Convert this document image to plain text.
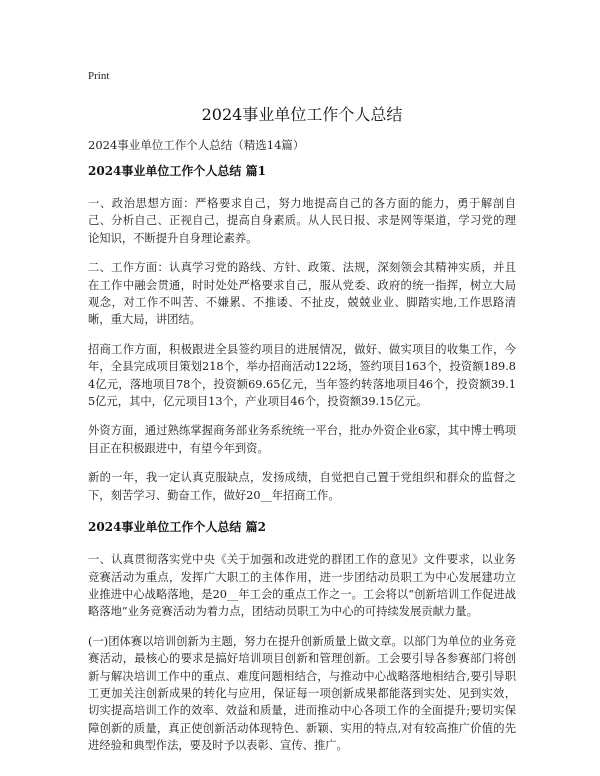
Print
2024事业单位工作个人总结
2024事业单位工作个人总结（精选14篇）
2024事业单位工作个人总结 篇1

一、政治思想方面：严格要求自己，努力地提高自己的各方面的能力，勇于解剖自己、分析自己、正视自己，提高自身素质。从人民日报、求是网等渠道，学习党的理论知识，不断提升自身理论素养。

二、工作方面：认真学习党的路线、方针、政策、法规，深刻领会其精神实质，并且在工作中融会贯通，时时处处严格要求自己，服从党委、政府的统一指挥，树立大局观念，对工作不叫苦、不嫌累、不推诿、不扯皮，兢兢业业、脚踏实地,工作思路清晰，重大局，讲团结。

招商工作方面，积极跟进全县签约项目的进展情况，做好、做实项目的收集工作，今年，全县完成项目策划218个，举办招商活动122场，签约项目163个，投资额189.84亿元，落地项目78个，投资额69.65亿元，当年签约转落地项目46个，投资额39.15亿元，其中，亿元项目13个，产业项目46个，投资额39.15亿元。

外资方面，通过熟练掌握商务部业务系统统一平台，批办外资企业6家，其中博士鸭项目正在积极跟进中，有望今年到资。

新的一年，我一定认真克服缺点，发扬成绩，自觉把自己置于党组织和群众的监督之下，刻苦学习、勤奋工作，做好20__年招商工作。

2024事业单位工作个人总结 篇2

一、认真贯彻落实党中央《关于加强和改进党的群团工作的意见》文件要求，以业务竞赛活动为重点，发挥广大职工的主体作用，进一步团结动员职工为中心发展建功立业推进中心战略落地，是20__年工会的重点工作之一。工会将以“创新培训工作促进战略落地”业务竞赛活动为着力点，团结动员职工为中心的可持续发展贡献力量。

(一)团体赛以培训创新为主题，努力在提升创新质量上做文章。以部门为单位的业务竞赛活动，最核心的要求是搞好培训项目创新和管理创新。工会要引导各参赛部门将创新与解决培训工作中的重点、难度问题相结合，与推动中心战略落地相结合,要引导职工更加关注创新成果的转化与应用，保证每一项创新成果都能落到实处、见到实效，切实提高培训工作的效率、效益和质量，进而推动中心各项工作的全面提升;要切实保障创新的质量，真正使创新活动体现特色、新颖、实用的特点,对有较高推广价值的先进经验和典型作法，要及时予以表彰、宣传、推广。
